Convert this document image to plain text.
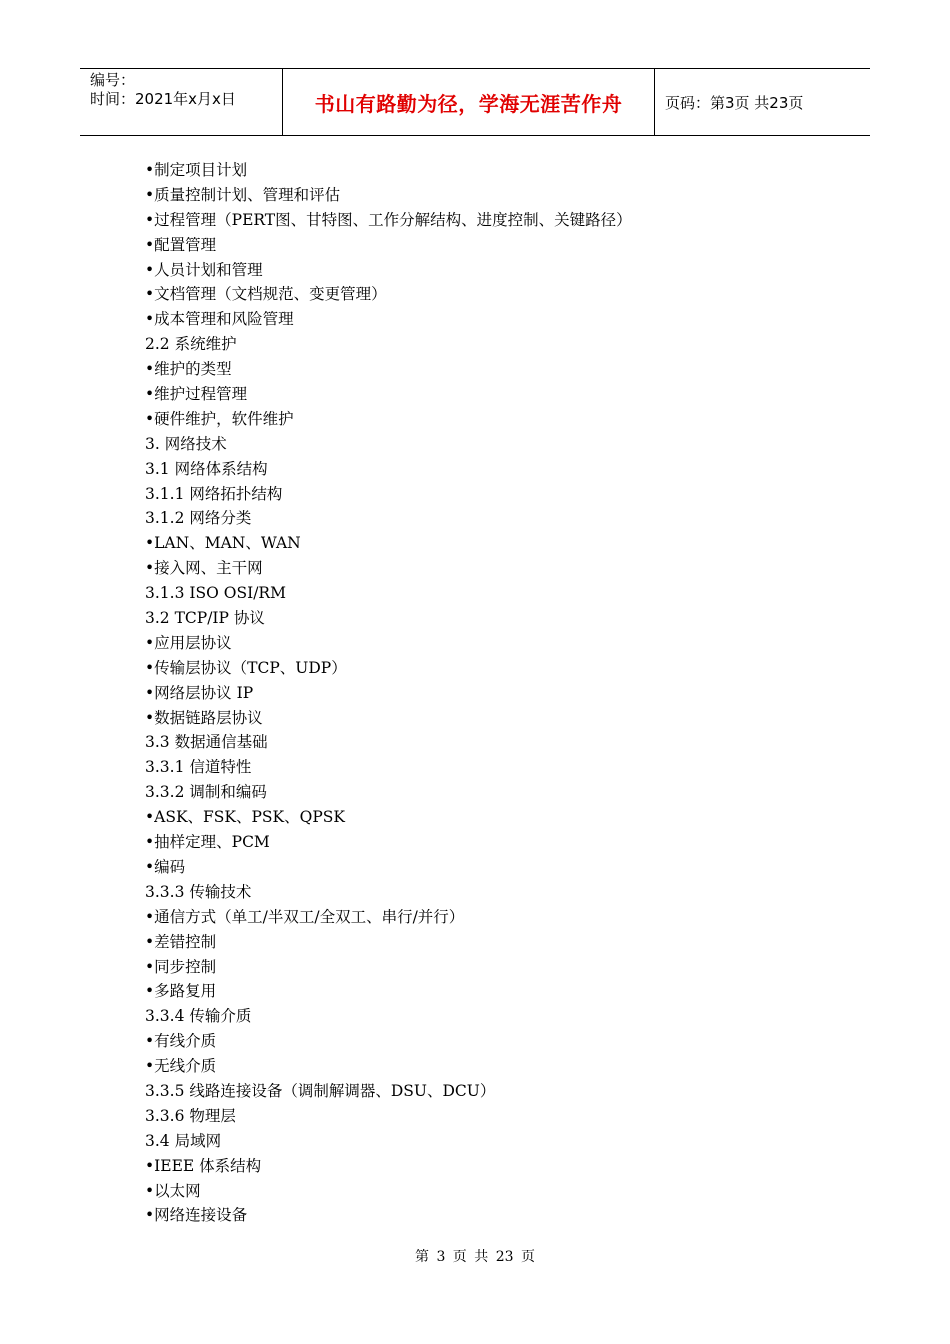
编号：
时间：2021年x月x日	书山有路勤为径，学海无涯苦作舟	页码：第3页 共23页
•制定项目计划
•质量控制计划、管理和评估
•过程管理（PERT图、甘特图、工作分解结构、进度控制、关键路径）
•配置管理
•人员计划和管理
•文档管理（文档规范、变更管理）
•成本管理和风险管理
2.2 系统维护
•维护的类型
•维护过程管理
•硬件维护，软件维护
3. 网络技术
3.1 网络体系结构
3.1.1 网络拓扑结构
3.1.2 网络分类
•LAN、MAN、WAN
•接入网、主干网
3.1.3 ISO OSI/RM
3.2 TCP/IP 协议
•应用层协议
•传输层协议（TCP、UDP）
•网络层协议 IP
•数据链路层协议
3.3 数据通信基础
3.3.1 信道特性
3.3.2 调制和编码
•ASK、FSK、PSK、QPSK
•抽样定理、PCM
•编码
3.3.3 传输技术
•通信方式（单工/半双工/全双工、串行/并行）
•差错控制
•同步控制
•多路复用
3.3.4 传输介质
•有线介质
•无线介质
3.3.5 线路连接设备（调制解调器、DSU、DCU）
3.3.6 物理层
3.4 局域网
•IEEE 体系结构
•以太网
•网络连接设备
第 3 页 共 23 页
